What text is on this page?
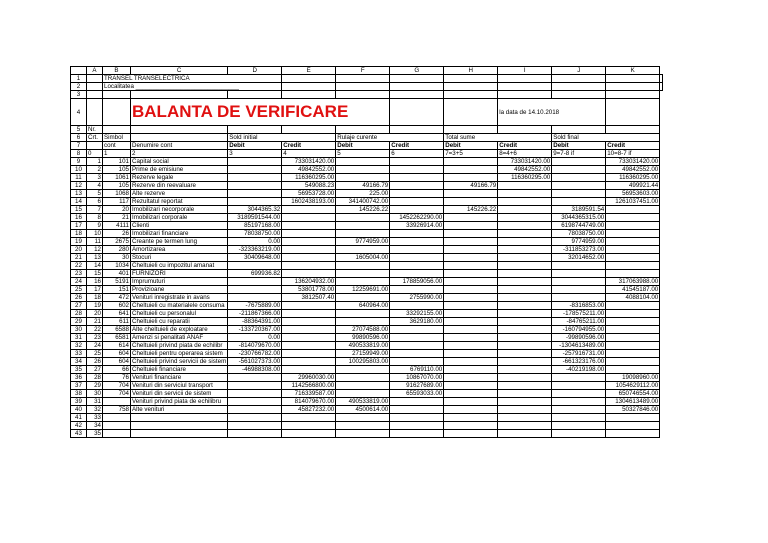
	A	B	C	D	E	F	G	H	I	J	K	
1		TRANSEL TRANSELECTRICA										
2		Localitatea ______________________________										
3												
4			BALANTA DE VERIFICARE						la data de 14.10.2018			
5	Nr.											
6	Crt.	Simbol		Sold initial		Rulaje curente		Total sume		Sold final		
7		cont	Denumire cont	Debit	Credit	Debit	Credit	Debit	Credit	Debit	Credit	
8	0	1	2	3	4	5	6	7=3+5	8=4+6	9=7-8 if	10=8-7 if	
9	1	101	Capital social		733031420.00				733031420.00		733031420.00	
10	2	105	Prime de emisiune		49842552.00				49842552.00		49842552.00	
11	3	1061	Rezerve legale		116360295.00				116360295.00		116360295.00	
12	4	105	Rezerve din reevaluare		549088.23	49166.79		49166.79			499921.44	
13	5	1068	Alte rezerve		56953728.00	225.00					56953603.00	
14	6	117	Rezultatul reportat		1602438193.00	341400742.00					1261037451.00	
15	7	20	Imobilizari necorporale	3044365.32		145226.22		145226.22		3189591.54		
16	8	21	Imobilizari corporale	3189591544.00			1452262290.00			3044365315.00		
17	9	4111	Clienti	85197168.00			33926914.00			6198744749.00		
18	10	26	Imobilizari financiare	78038750.00						78038750.00		
19	11	2675	Creante pe termen lung	0.00		9774959.00				9774959.00		
20	12	280	Amortizarea	-323363219.00						-311853273.00		
21	13	30	Stocuri	30409648.00		1605004.00				32014652.00		
22	14	1034	Cheltuieli cu impozitul amanat									
23	15	401	FURNIZORI	699936.82								
24	16	5191	Imprumuturi		136204932.00		178859056.00				317063988.00	
25	17	151	Provizioane		53801778.00	12259691.00					41545187.00	
26	18	472	Venituri inregistrate in avans		3812507.40		2755990.00				4088104.00	
27	19	602	Cheltuieli cu materialele consuma	-7675889.00		640964.00				-8316853.00		
28	20	641	Cheltuieli cu personalul	-211867366.00			33292155.00			-178575211.00		
29	21	611	Cheltuieli cu reparatii	-88364391.00			3629180.00			-84765211.00		
30	22	6588	Alte cheltuieli de exploatare	-133720367.00		27074588.00				-160794955.00		
31	23	6581	Amenzi si penalitati ANAF	0.00		99890596.00				-99890596.00		
32	24	614	Cheltuieli privind piata de echilibr	-814079670.00		490533819.00				-1304613489.00		
33	25	604	Cheltuieli pentru operarea sistem	-230766782.00		27159949.00				-257916731.00		
34	26	604	Cheltuieli privind servicii de sistem	-561027373.00		100295803.00				-661323176.00		
35	27	66	Cheltuieli financiare	-46988308.00			6769110.00			-40219198.00		
36	28	76	Venituri financiare		29960030.00		10867070.00				19098960.00	
37	29	704	Venituri din serviciul transport		1142566800.00		91627689.00				1054629112.00	
38	30	704	Venituri din servicii de sistem		716339587.00		65593033.00				650746554.00	
39	31		Venituri privind piata de echilibru		814079670.00	490533819.00					1304613489.00	
40	32	758	Alte venituri		45827232.00	4500614.00					50327846.00	
41	33											
42	34											
43	35											
